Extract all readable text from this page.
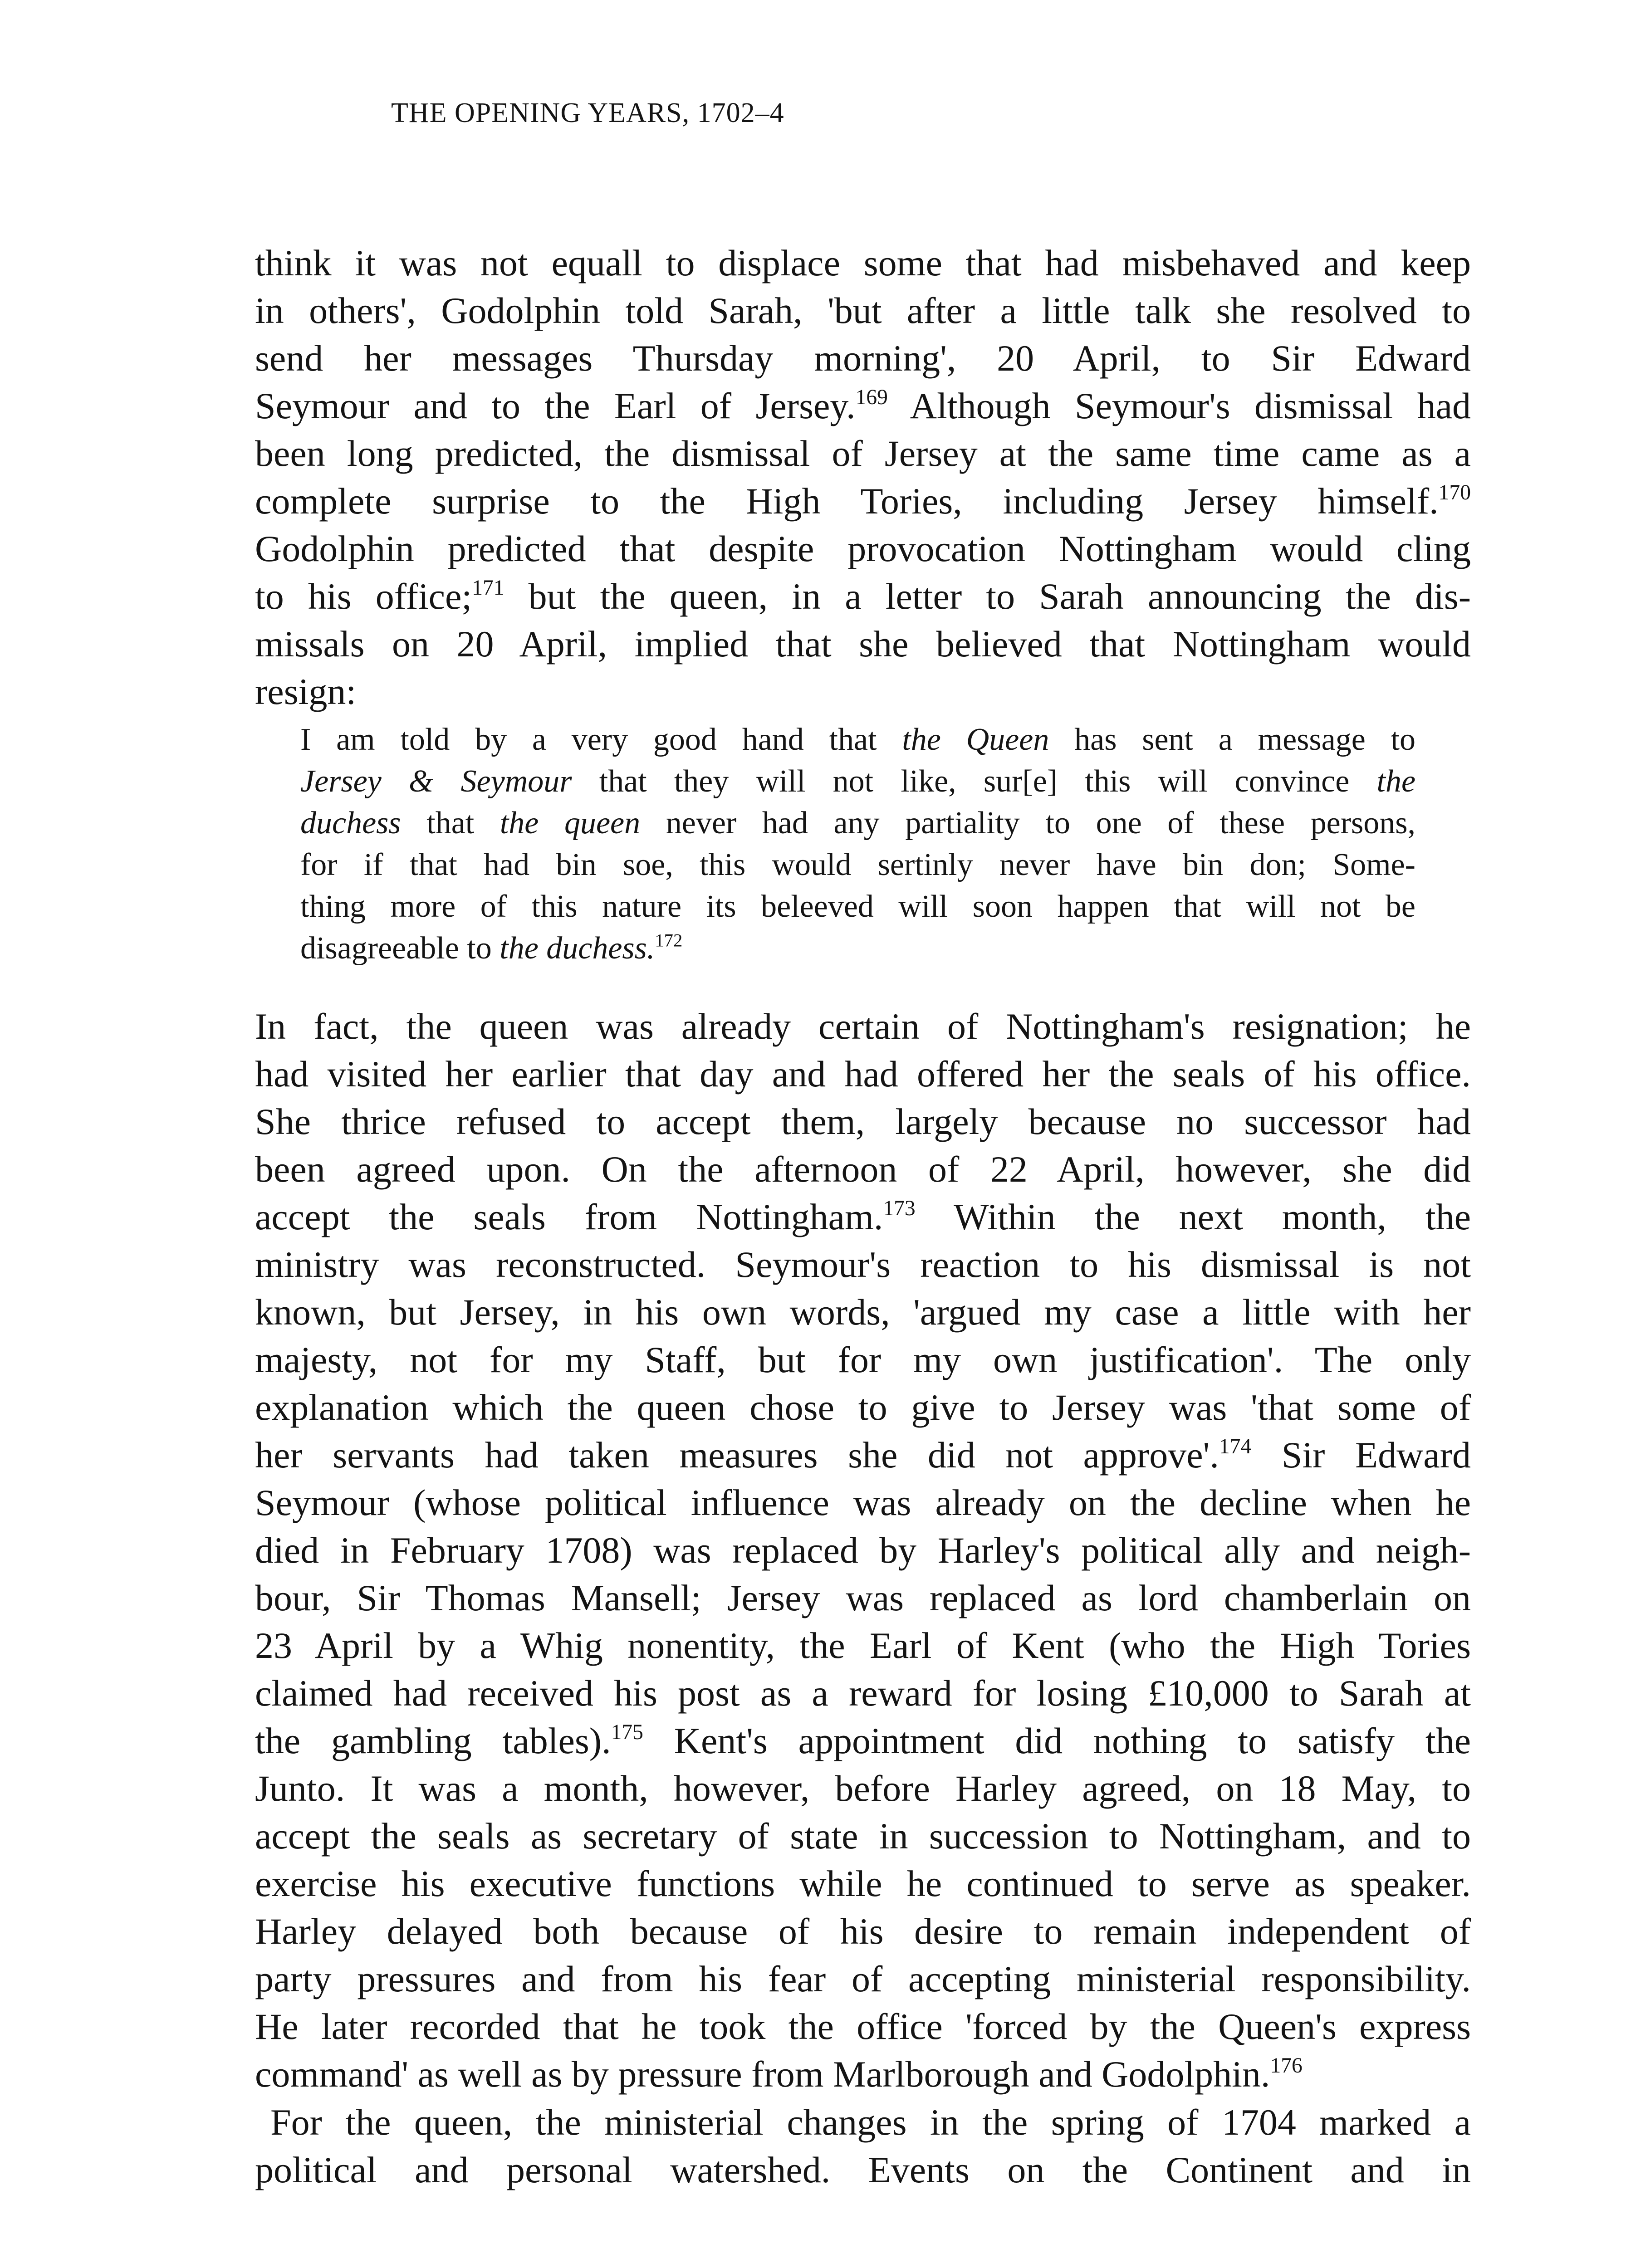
THE OPENING YEARS, 1702–4
think it was not equall to displace some that had misbehaved and keep
in others', Godolphin told Sarah, 'but after a little talk she resolved to
send her messages Thursday morning', 20 April, to Sir Edward
Seymour and to the Earl of Jersey.$^{169}$ Although Seymour's dismissal had
been long predicted, the dismissal of Jersey at the same time came as a
complete surprise to the High Tories, including Jersey himself.$^{170}$
Godolphin predicted that despite provocation Nottingham would cling
to his office;$^{171}$ but the queen, in a letter to Sarah announcing the dis-
missals on 20 April, implied that she believed that Nottingham would
resign:
I am told by a very good hand that the Queen has sent a message to
Jersey & Seymour that they will not like, sur[e] this will convince the
duchess that the queen never had any partiality to one of these persons,
for if that had bin soe, this would sertinly never have bin don; Some-
thing more of this nature its beleeved will soon happen that will not be
disagreeable to the duchess.$^{172}$
In fact, the queen was already certain of Nottingham's resignation; he
had visited her earlier that day and had offered her the seals of his office.
She thrice refused to accept them, largely because no successor had
been agreed upon. On the afternoon of 22 April, however, she did
accept the seals from Nottingham.$^{173}$ Within the next month, the
ministry was reconstructed. Seymour's reaction to his dismissal is not
known, but Jersey, in his own words, 'argued my case a little with her
majesty, not for my Staff, but for my own justification'. The only
explanation which the queen chose to give to Jersey was 'that some of
her servants had taken measures she did not approve'.$^{174}$ Sir Edward
Seymour (whose political influence was already on the decline when he
died in February 1708) was replaced by Harley's political ally and neigh-
bour, Sir Thomas Mansell; Jersey was replaced as lord chamberlain on
23 April by a Whig nonentity, the Earl of Kent (who the High Tories
claimed had received his post as a reward for losing £10,000 to Sarah at
the gambling tables).$^{175}$ Kent's appointment did nothing to satisfy the
Junto. It was a month, however, before Harley agreed, on 18 May, to
accept the seals as secretary of state in succession to Nottingham, and to
exercise his executive functions while he continued to serve as speaker.
Harley delayed both because of his desire to remain independent of
party pressures and from his fear of accepting ministerial responsibility.
He later recorded that he took the office 'forced by the Queen's express
command' as well as by pressure from Marlborough and Godolphin.$^{176}$
For the queen, the ministerial changes in the spring of 1704 marked a
political and personal watershed. Events on the Continent and in
